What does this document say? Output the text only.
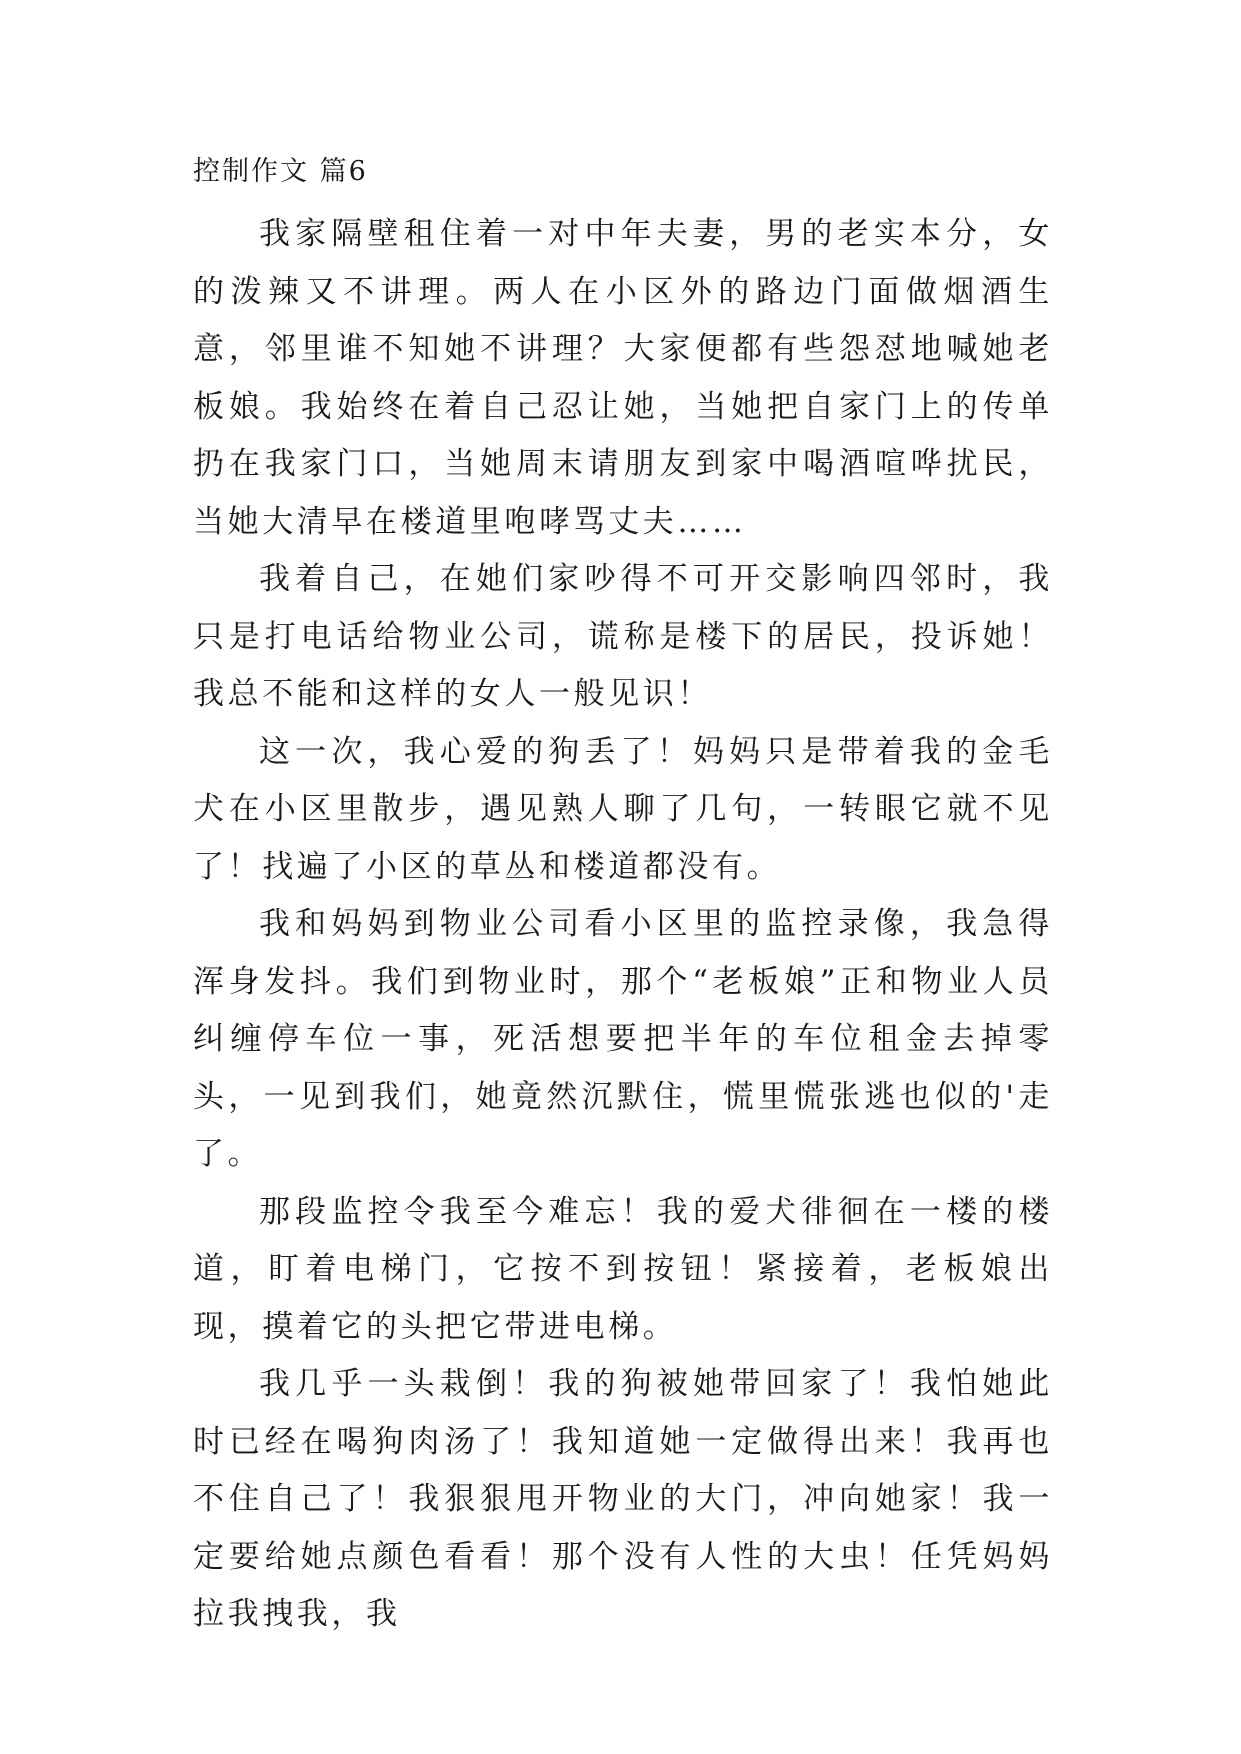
控制作文 篇6

我家隔壁租住着一对中年夫妻，男的老实本分，女的泼辣又不讲理。两人在小区外的路边门面做烟酒生意，邻里谁不知她不讲理？大家便都有些怨怼地喊她老板娘。我始终在着自己忍让她，当她把自家门上的传单扔在我家门口，当她周末请朋友到家中喝酒喧哗扰民，当她大清早在楼道里咆哮骂丈夫……

我着自己，在她们家吵得不可开交影响四邻时，我只是打电话给物业公司，谎称是楼下的居民，投诉她！我总不能和这样的女人一般见识！

这一次，我心爱的狗丢了！妈妈只是带着我的金毛犬在小区里散步，遇见熟人聊了几句，一转眼它就不见了！找遍了小区的草丛和楼道都没有。

我和妈妈到物业公司看小区里的监控录像，我急得浑身发抖。我们到物业时，那个“老板娘”正和物业人员纠缠停车位一事，死活想要把半年的车位租金去掉零头，一见到我们，她竟然沉默住，慌里慌张逃也似的'走了。

那段监控令我至今难忘！我的爱犬徘徊在一楼的楼道，盯着电梯门，它按不到按钮！紧接着，老板娘出现，摸着它的头把它带进电梯。

我几乎一头栽倒！我的狗被她带回家了！我怕她此时已经在喝狗肉汤了！我知道她一定做得出来！我再也不住自己了！我狠狠甩开物业的大门，冲向她家！我一定要给她点颜色看看！那个没有人性的大虫！任凭妈妈拉我拽我，我
